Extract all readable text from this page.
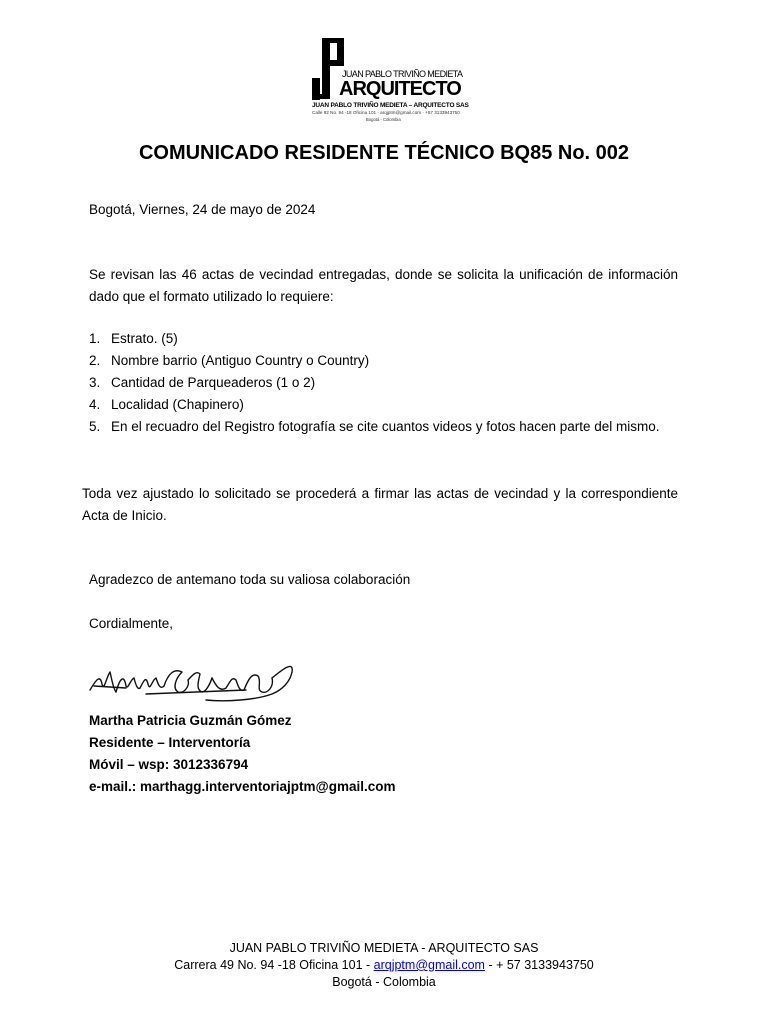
JUAN PABLO TRIVIÑO MEDIETA
ARQUITECTO
JUAN PABLO TRIVIÑO MEDIETA – ARQUITECTO SAS
Calle 92 No. 94 -18 Oficina 101 · arqjptm@gmail.com · +57 3133943750
Bogotá - Colombia
COMUNICADO RESIDENTE TÉCNICO BQ85 No. 002
Bogotá, Viernes, 24 de mayo de 2024
Se revisan las 46 actas de vecindad entregadas, donde se solicita la unificación de información
dado que el formato utilizado lo requiere:
1. Estrato. (5)
2. Nombre barrio (Antiguo Country o Country)
3. Cantidad de Parqueaderos (1 o 2)
4. Localidad (Chapinero)
5. En el recuadro del Registro fotografía se cite cuantos videos y fotos hacen parte del mismo.
Toda vez ajustado lo solicitado se procederá a firmar las actas de vecindad y la correspondiente
Acta de Inicio.
Agradezco de antemano toda su valiosa colaboración
Cordialmente,
Martha Patricia Guzmán Gómez
Residente – Interventoría
Móvil – wsp: 3012336794
e-mail.: marthagg.interventoriajptm@gmail.com
JUAN PABLO TRIVIÑO MEDIETA - ARQUITECTO SAS
Carrera 49 No. 94 -18 Oficina 101 - arqjptm@gmail.com - + 57 3133943750
Bogotá - Colombia
